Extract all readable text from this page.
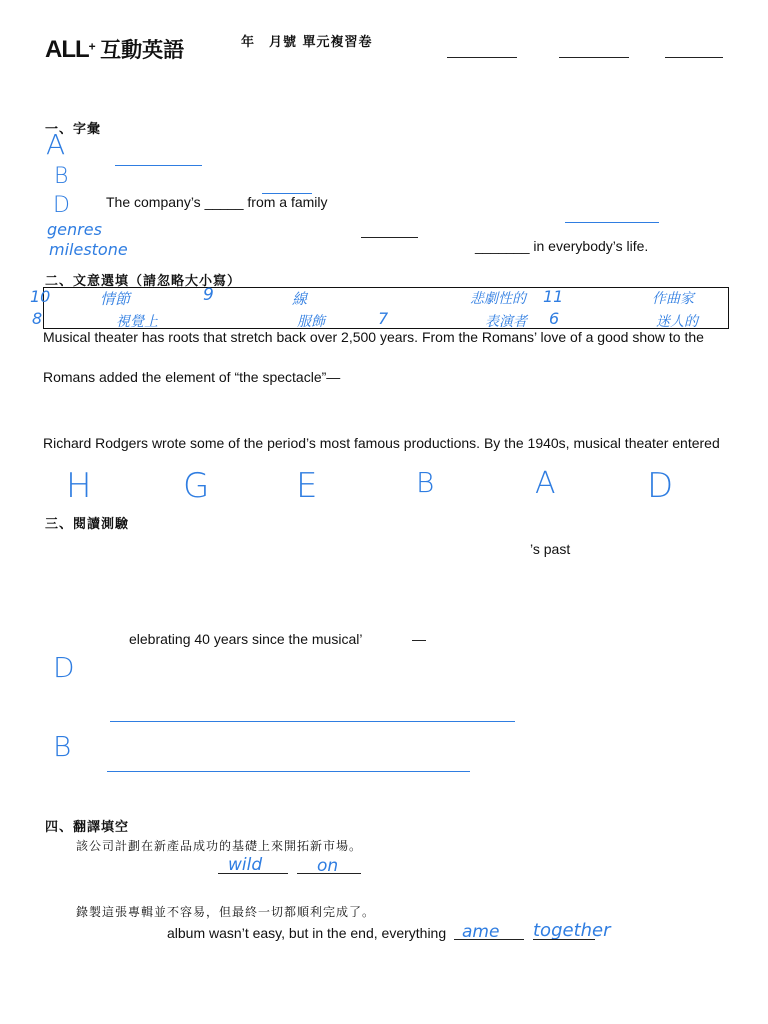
ALL+ 互動英語	年　月號 單元複習卷
一、字彙
A
B
D	The company’s _____ from a family
genres
milestone	_______ in everybody’s life.
二、文意選填（請忽略大小寫）
10	情節	9	線	悲劇性的 11	作曲家
8	視覺上	服飾	7	表演者 6	迷人的
Musical theater has roots that stretch back over 2,500 years. From the Romans’ love of a good show to the
Romans added the element of “the spectacle”—
Richard Rodgers wrote some of the period’s most famous productions. By the 1940s, musical theater entered
H	G	E	B	A	D
三、閱讀測驗
’s past
elebrating 40 years since the musical’	—
D
B
四、翻譯填空
該公司計劃在新產品成功的基礎上來開拓新市場。
wild	on
錄製這張專輯並不容易，但最終一切都順利完成了。
album wasn’t easy, but in the end, everything ame together
